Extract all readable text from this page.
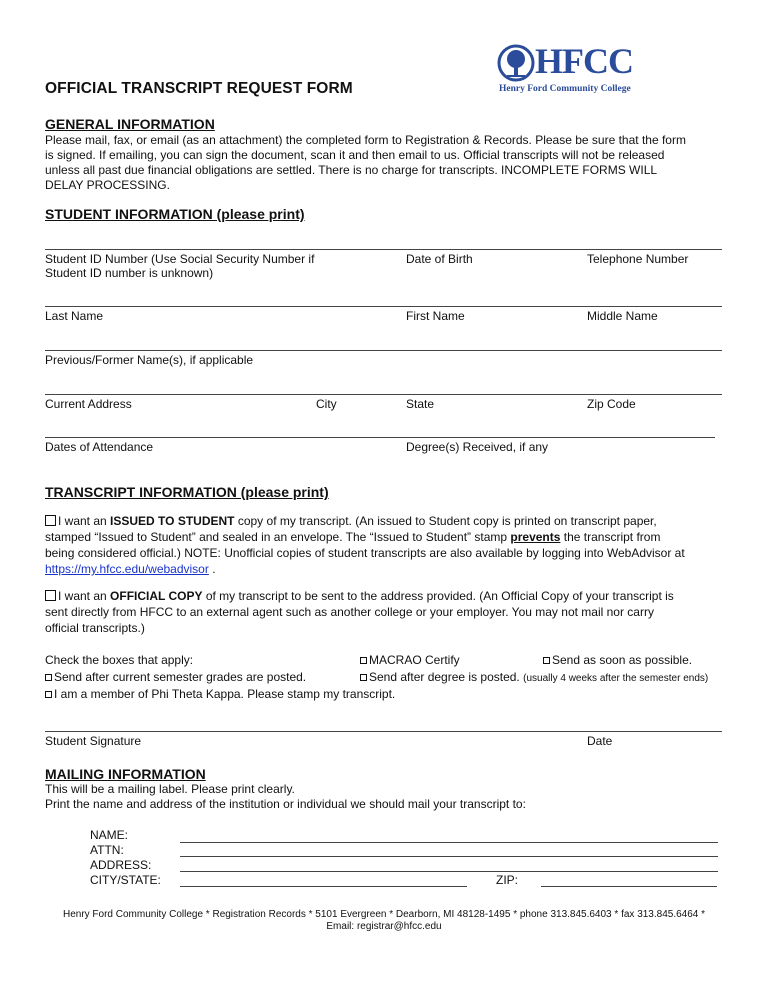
HFCC
Henry Ford Community College
OFFICIAL TRANSCRIPT REQUEST FORM
GENERAL INFORMATION
Please mail, fax, or email (as an attachment) the completed form to Registration & Records. Please be sure that the form
is signed. If emailing, you can sign the document, scan it and then email to us. Official transcripts will not be released
unless all past due financial obligations are settled. There is no charge for transcripts. INCOMPLETE FORMS WILL
DELAY PROCESSING.
STUDENT INFORMATION (please print)
Student ID Number (Use Social Security Number if
Student ID number is unknown)
Date of Birth	Telephone Number
Last Name	First Name	Middle Name
Previous/Former Name(s), if applicable
Current Address	City	State	Zip Code
Dates of Attendance	Degree(s) Received, if any
TRANSCRIPT INFORMATION (please print)
I want an ISSUED TO STUDENT copy of my transcript. (An issued to Student copy is printed on transcript paper,
stamped “Issued to Student” and sealed in an envelope. The “Issued to Student” stamp prevents the transcript from
being considered official.) NOTE: Unofficial copies of student transcripts are also available by logging into WebAdvisor at
https://my.hfcc.edu/webadvisor .
I want an OFFICIAL COPY of my transcript to be sent to the address provided. (An Official Copy of your transcript is
sent directly from HFCC to an external agent such as another college or your employer. You may not mail nor carry
official transcripts.)
Check the boxes that apply:	MACRAO Certify	Send as soon as possible.
Send after current semester grades are posted.	Send after degree is posted. (usually 4 weeks after the semester ends)
I am a member of Phi Theta Kappa. Please stamp my transcript.
Student Signature	Date
MAILING INFORMATION
This will be a mailing label. Please print clearly.
Print the name and address of the institution or individual we should mail your transcript to:
NAME:
ATTN:
ADDRESS:
CITY/STATE:	ZIP:
Henry Ford Community College * Registration Records * 5101 Evergreen * Dearborn, MI 48128-1495 * phone 313.845.6403 * fax 313.845.6464 *
Email: registrar@hfcc.edu
